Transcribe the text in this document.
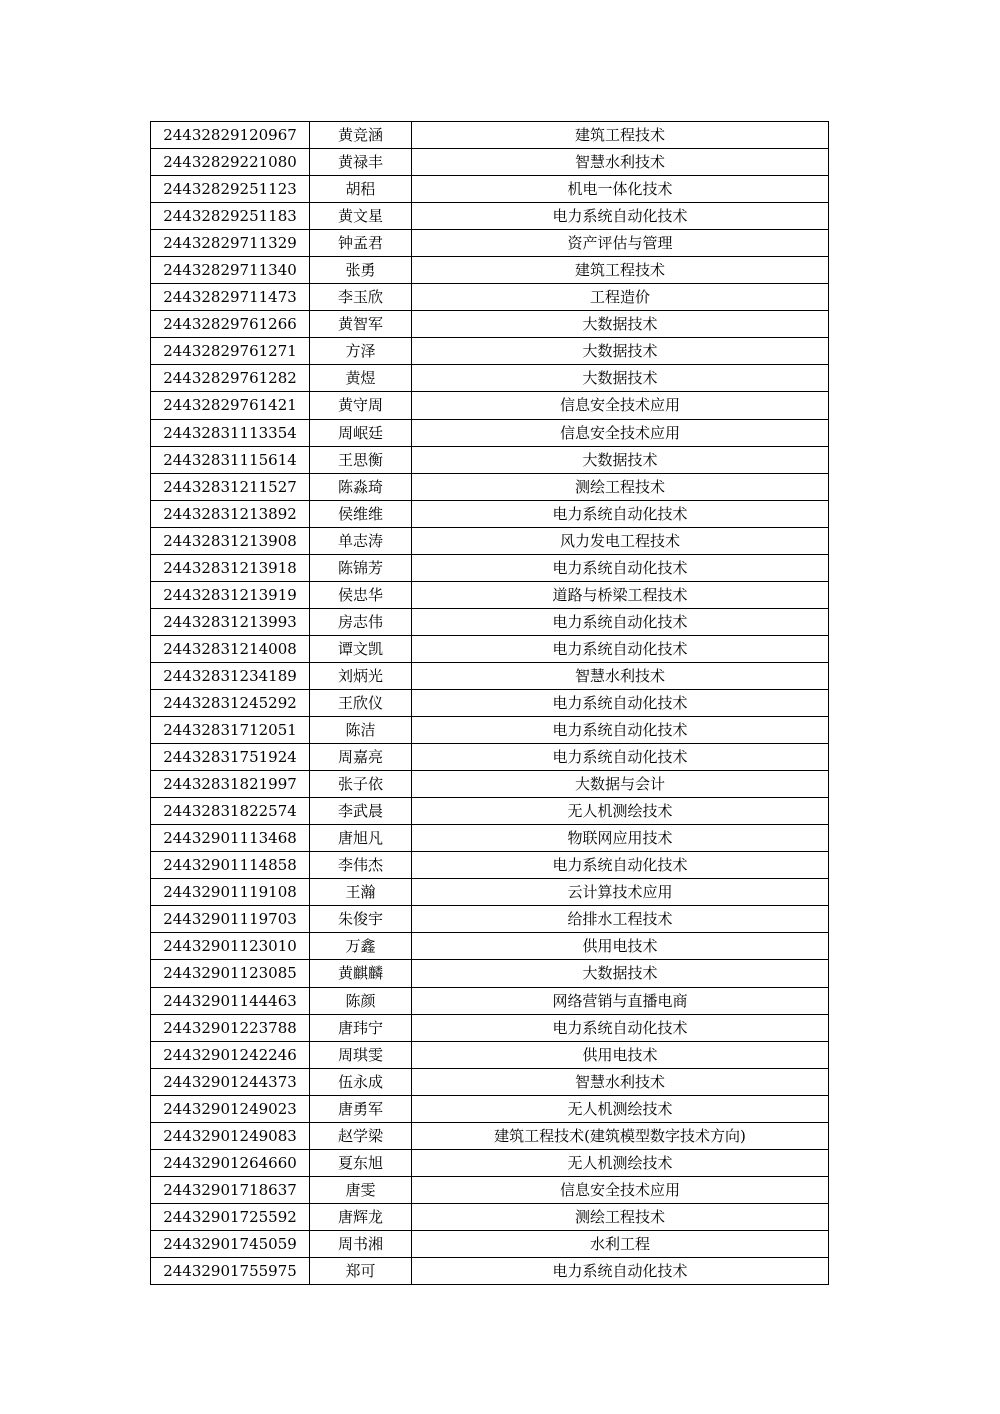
24432829120967	黄竞涵	建筑工程技术
24432829221080	黄禄丰	智慧水利技术
24432829251123	胡稆	机电一体化技术
24432829251183	黄文星	电力系统自动化技术
24432829711329	钟孟君	资产评估与管理
24432829711340	张勇	建筑工程技术
24432829711473	李玉欣	工程造价
24432829761266	黄智军	大数据技术
24432829761271	方泽	大数据技术
24432829761282	黄煜	大数据技术
24432829761421	黄守周	信息安全技术应用
24432831113354	周岷廷	信息安全技术应用
24432831115614	王思衡	大数据技术
24432831211527	陈淼琦	测绘工程技术
24432831213892	侯维维	电力系统自动化技术
24432831213908	单志涛	风力发电工程技术
24432831213918	陈锦芳	电力系统自动化技术
24432831213919	侯忠华	道路与桥梁工程技术
24432831213993	房志伟	电力系统自动化技术
24432831214008	谭文凯	电力系统自动化技术
24432831234189	刘炳光	智慧水利技术
24432831245292	王欣仪	电力系统自动化技术
24432831712051	陈洁	电力系统自动化技术
24432831751924	周嘉亮	电力系统自动化技术
24432831821997	张子依	大数据与会计
24432831822574	李武晨	无人机测绘技术
24432901113468	唐旭凡	物联网应用技术
24432901114858	李伟杰	电力系统自动化技术
24432901119108	王瀚	云计算技术应用
24432901119703	朱俊宇	给排水工程技术
24432901123010	万鑫	供用电技术
24432901123085	黄麒麟	大数据技术
24432901144463	陈颜	网络营销与直播电商
24432901223788	唐玮宁	电力系统自动化技术
24432901242246	周琪雯	供用电技术
24432901244373	伍永成	智慧水利技术
24432901249023	唐勇军	无人机测绘技术
24432901249083	赵学梁	建筑工程技术(建筑模型数字技术方向)
24432901264660	夏东旭	无人机测绘技术
24432901718637	唐雯	信息安全技术应用
24432901725592	唐辉龙	测绘工程技术
24432901745059	周书湘	水利工程
24432901755975	郑可	电力系统自动化技术
